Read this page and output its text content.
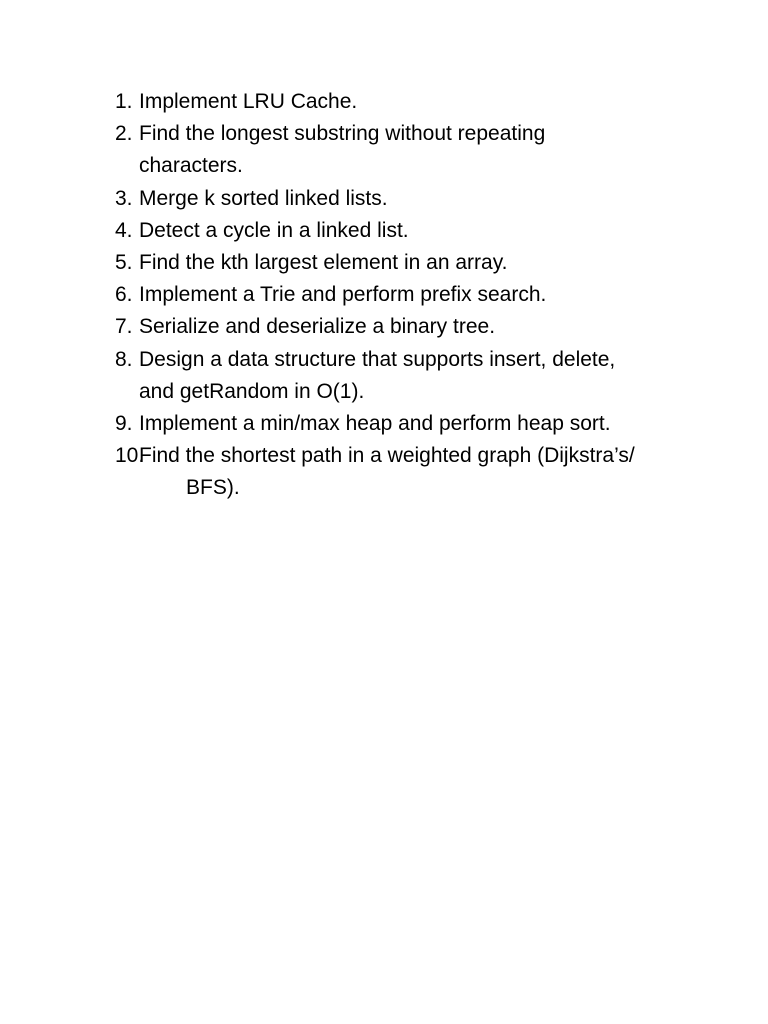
1. Implement LRU Cache.
2. Find the longest substring without repeating characters.
3. Merge k sorted linked lists.
4. Detect a cycle in a linked list.
5. Find the kth largest element in an array.
6. Implement a Trie and perform prefix search.
7. Serialize and deserialize a binary tree.
8. Design a data structure that supports insert, delete, and getRandom in O(1).
9. Implement a min/max heap and perform heap sort.
10.
Find the shortest path in a weighted graph (Dijkstra’s/ BFS).
